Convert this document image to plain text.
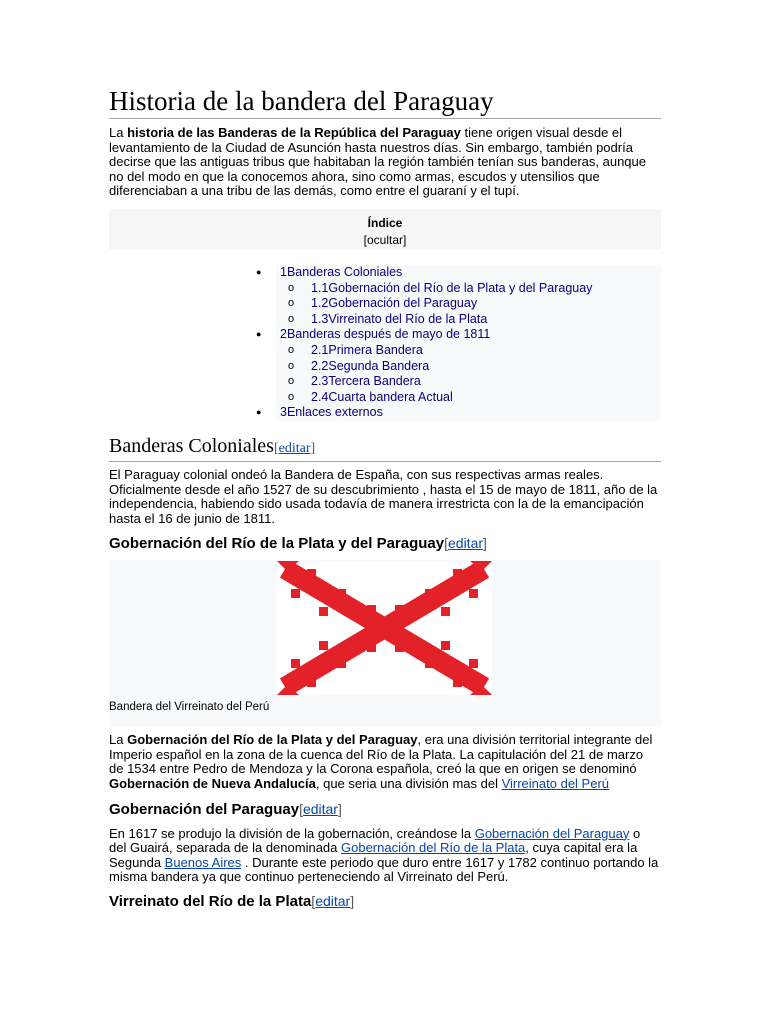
Historia de la bandera del Paraguay

La historia de las Banderas de la República del Paraguay tiene origen visual desde el levantamiento de la Ciudad de Asunción hasta nuestros días. Sin embargo, también podría decirse que las antiguas tribus que habitaban la región también tenían sus banderas, aunque no del modo en que la conocemos ahora, sino como armas, escudos y utensilios que diferenciaban a una tribu de las demás, como entre el guaraní y el tupí.

Índice
[ocultar]
● 1Banderas Coloniales
o 1.1Gobernación del Río de la Plata y del Paraguay
o 1.2Gobernación del Paraguay
o 1.3Virreinato del Río de la Plata
● 2Banderas después de mayo de 1811
o 2.1Primera Bandera
o 2.2Segunda Bandera
o 2.3Tercera Bandera
o 2.4Cuarta bandera Actual
● 3Enlaces externos
Banderas Coloniales[editar]

El Paraguay colonial ondeó la Bandera de España, con sus respectivas armas reales. Oficialmente desde el año 1527 de su descubrimiento , hasta el 15 de mayo de 1811, año de la independencia, habiendo sido usada todavía de manera irrestricta con la de la emancipación hasta el 16 de junio de 1811.

Gobernación del Río de la Plata y del Paraguay[editar]
Bandera del Virreinato del Perú

La Gobernación del Río de la Plata y del Paraguay, era una división territorial integrante del Imperio español en la zona de la cuenca del Río de la Plata. La capitulación del 21 de marzo de 1534 entre Pedro de Mendoza y la Corona española, creó la que en origen se denominó Gobernación de Nueva Andalucía, que seria una división mas del Virreinato del Perú

Gobernación del Paraguay[editar]

En 1617 se produjo la división de la gobernación, creándose la Gobernación del Paraguay o del Guairá, separada de la denominada Gobernación del Río de la Plata, cuya capital era la Segunda Buenos Aires . Durante este periodo que duro entre 1617 y 1782 continuo portando la misma bandera ya que continuo perteneciendo al Virreinato del Perú.

Virreinato del Río de la Plata[editar]
